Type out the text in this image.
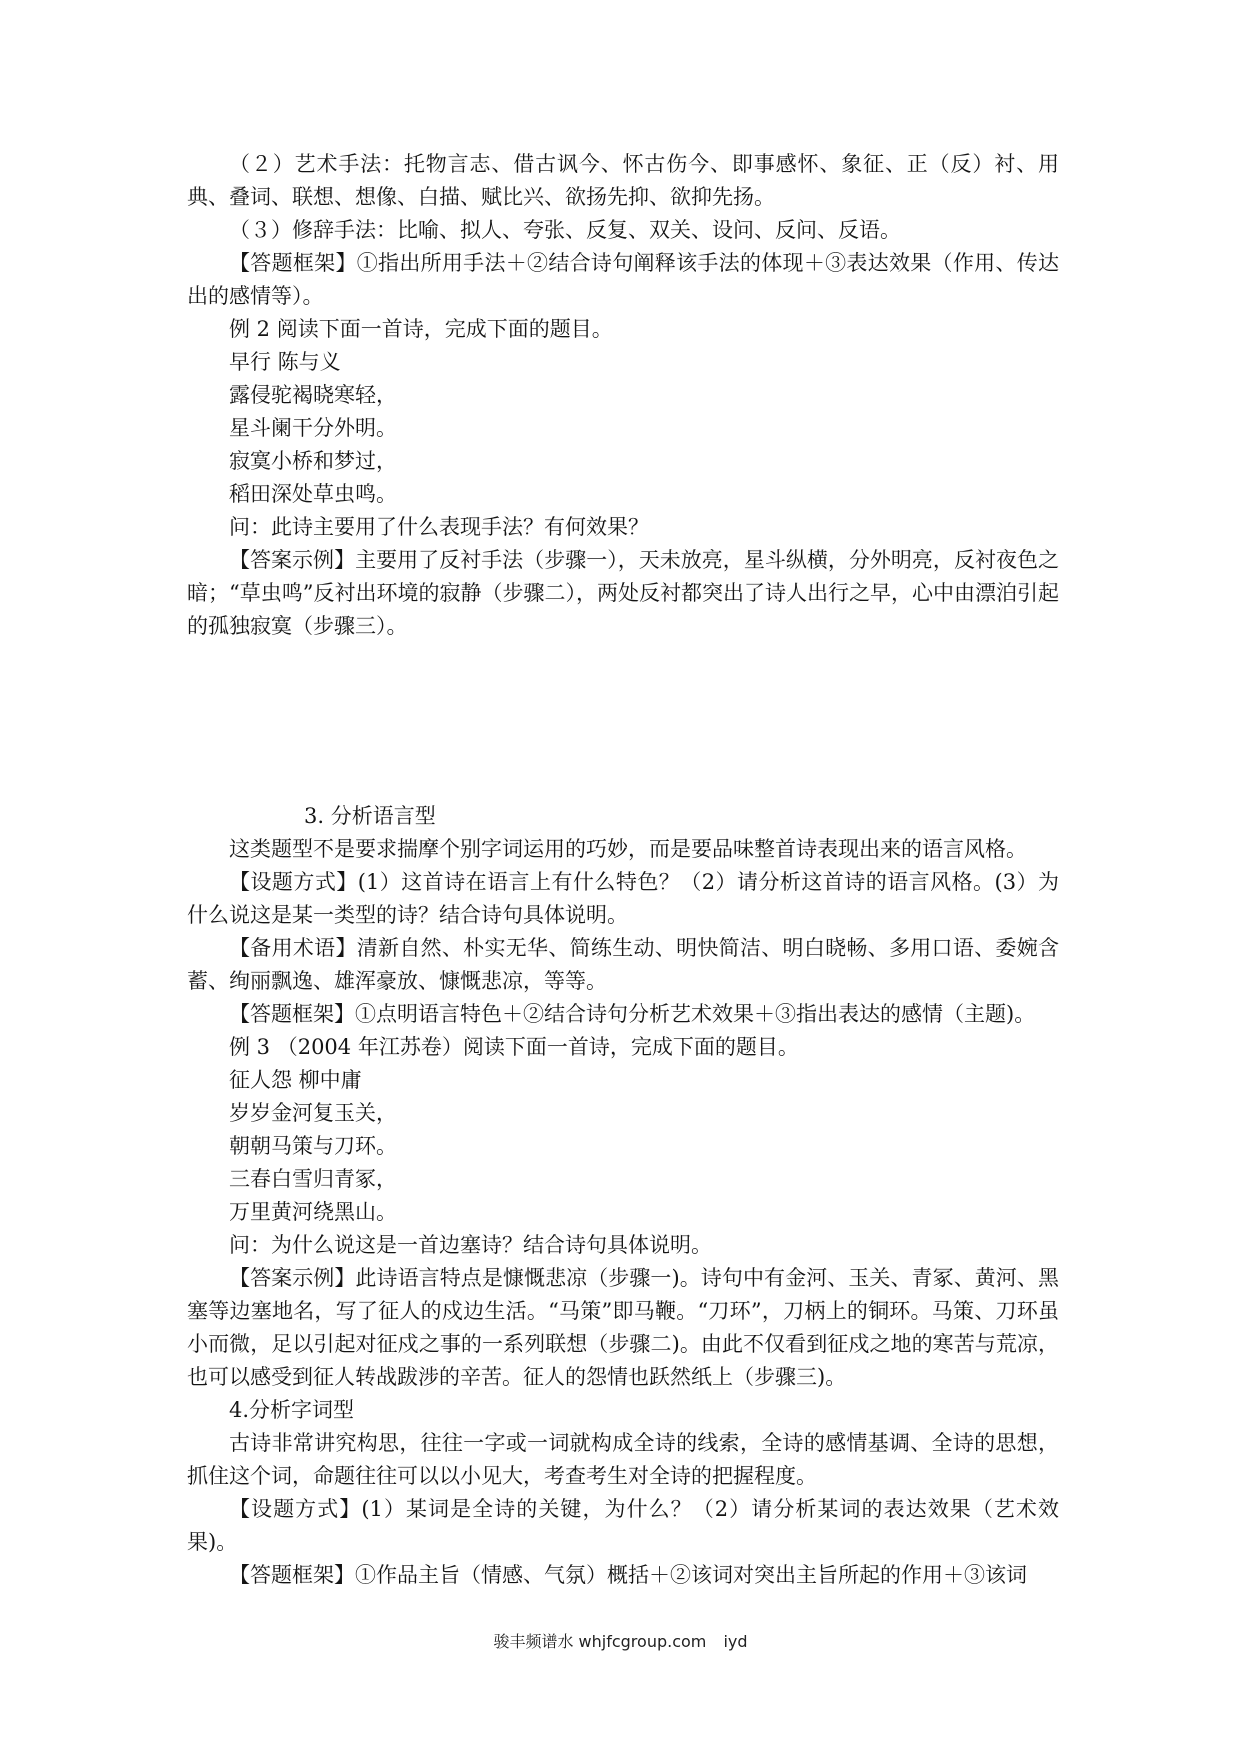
（２）艺术手法：托物言志、借古讽今、怀古伤今、即事感怀、象征、正（反）衬、用典、叠词、联想、想像、白描、赋比兴、欲扬先抑、欲抑先扬。

（３）修辞手法：比喻、拟人、夸张、反复、双关、设问、反问、反语。

【答题框架】①指出所用手法＋②结合诗句阐释该手法的体现＋③表达效果（作用、传达出的感情等）。

例 2 阅读下面一首诗，完成下面的题目。

早行 陈与义

露侵驼褐晓寒轻，

星斗阑干分外明。

寂寞小桥和梦过，

稻田深处草虫鸣。

问：此诗主要用了什么表现手法？有何效果？

【答案示例】主要用了反衬手法（步骤一），天未放亮，星斗纵横，分外明亮，反衬夜色之暗；“草虫鸣”反衬出环境的寂静（步骤二），两处反衬都突出了诗人出行之早，心中由漂泊引起的孤独寂寞（步骤三）。

3. 分析语言型

这类题型不是要求揣摩个别字词运用的巧妙，而是要品味整首诗表现出来的语言风格。

【设题方式】(1）这首诗在语言上有什么特色？（2）请分析这首诗的语言风格。(3）为什么说这是某一类型的诗？结合诗句具体说明。

【备用术语】清新自然、朴实无华、简练生动、明快简洁、明白晓畅、多用口语、委婉含蓄、绚丽飘逸、雄浑豪放、慷慨悲凉，等等。

【答题框架】①点明语言特色＋②结合诗句分析艺术效果＋③指出表达的感情（主题)。

例 3 （2004 年江苏卷）阅读下面一首诗，完成下面的题目。

征人怨 柳中庸

岁岁金河复玉关，

朝朝马策与刀环。

三春白雪归青冢，

万里黄河绕黑山。

问：为什么说这是一首边塞诗？结合诗句具体说明。

【答案示例】此诗语言特点是慷慨悲凉（步骤一)。诗句中有金河、玉关、青冢、黄河、黑塞等边塞地名，写了征人的戍边生活。“马策”即马鞭。“刀环”，刀柄上的铜环。马策、刀环虽小而微，足以引起对征戍之事的一系列联想（步骤二)。由此不仅看到征戍之地的寒苦与荒凉，也可以感受到征人转战跋涉的辛苦。征人的怨情也跃然纸上（步骤三)。

4.分析字词型

古诗非常讲究构思，往往一字或一词就构成全诗的线索，全诗的感情基调、全诗的思想，抓住这个词，命题往往可以以小见大，考查考生对全诗的把握程度。

【设题方式】(1）某词是全诗的关键，为什么？（2）请分析某词的表达效果（艺术效果)。

【答题框架】①作品主旨（情感、气氛）概括＋②该词对突出主旨所起的作用＋③该词

骏丰频谱水 whjfcgroup.com iyd
